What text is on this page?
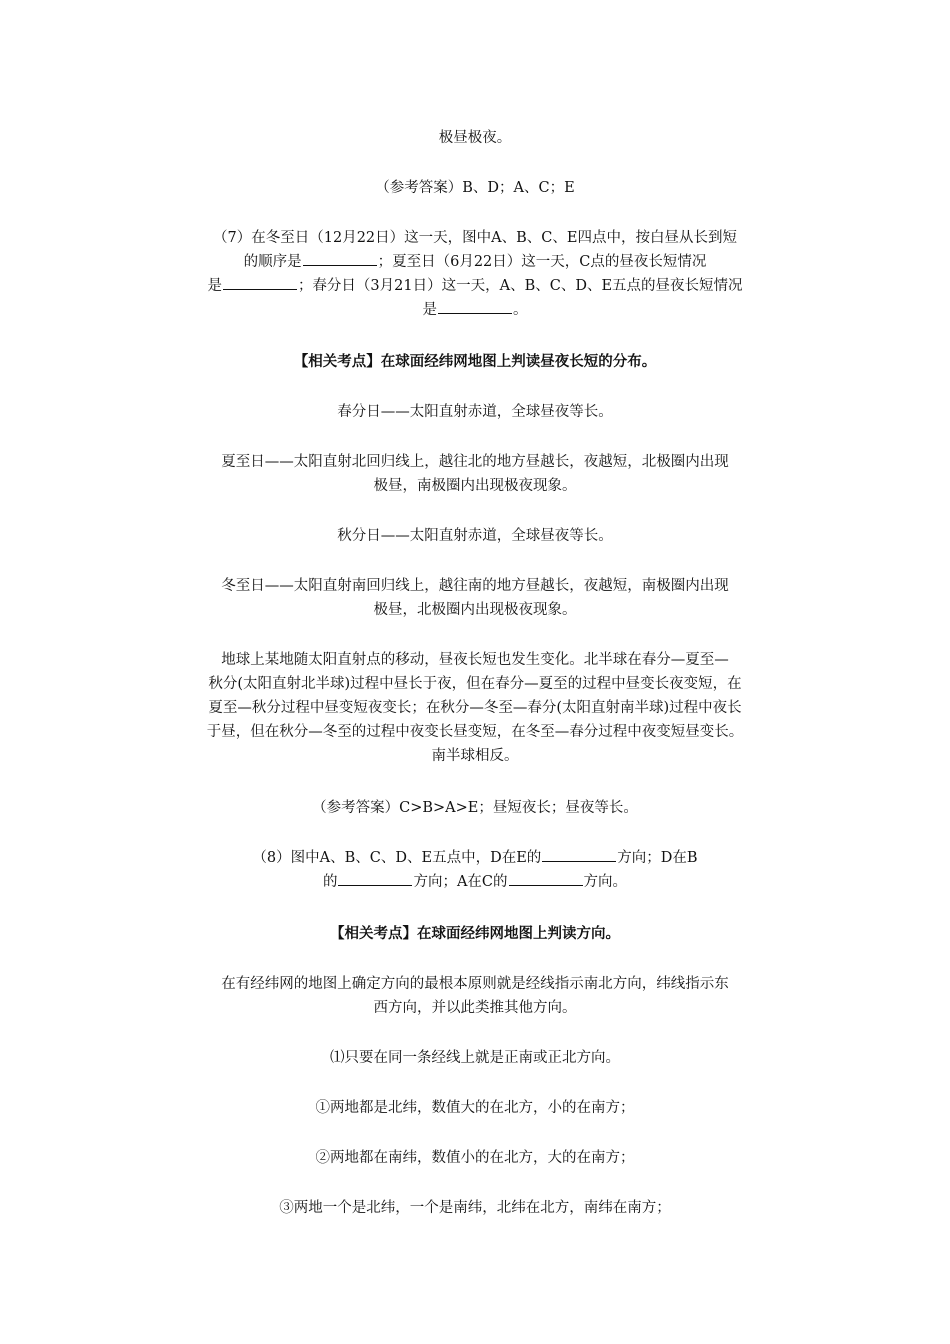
极昼极夜。
（参考答案）B、D；A、C；E
（7）在冬至日（12月22日）这一天，图中A、B、C、E四点中，按白昼从长到短
的顺序是	；夏至日（6月22日）这一天，C点的昼夜长短情况
是	；春分日（3月21日）这一天，A、B、C、D、E五点的昼夜长短情况
是	。
【相关考点】在球面经纬网地图上判读昼夜长短的分布。
春分日——太阳直射赤道，全球昼夜等长。
夏至日——太阳直射北回归线上，越往北的地方昼越长，夜越短，北极圈内出现
极昼，南极圈内出现极夜现象。
秋分日——太阳直射赤道，全球昼夜等长。
冬至日——太阳直射南回归线上，越往南的地方昼越长，夜越短，南极圈内出现
极昼，北极圈内出现极夜现象。
地球上某地随太阳直射点的移动，昼夜长短也发生变化。北半球在春分—夏至—
秋分(太阳直射北半球)过程中昼长于夜，但在春分—夏至的过程中昼变长夜变短，在
夏至—秋分过程中昼变短夜变长；在秋分—冬至—春分(太阳直射南半球)过程中夜长
于昼，但在秋分—冬至的过程中夜变长昼变短，在冬至—春分过程中夜变短昼变长。
南半球相反。
（参考答案）C>B>A>E；昼短夜长；昼夜等长。
（8）图中A、B、C、D、E五点中，D在E的	方向；D在B
的	方向；A在C的	方向。
【相关考点】在球面经纬网地图上判读方向。
在有经纬网的地图上确定方向的最根本原则就是经线指示南北方向，纬线指示东
西方向，并以此类推其他方向。
⑴只要在同一条经线上就是正南或正北方向。
①两地都是北纬，数值大的在北方，小的在南方；
②两地都在南纬，数值小的在北方，大的在南方；
③两地一个是北纬，一个是南纬，北纬在北方，南纬在南方；
